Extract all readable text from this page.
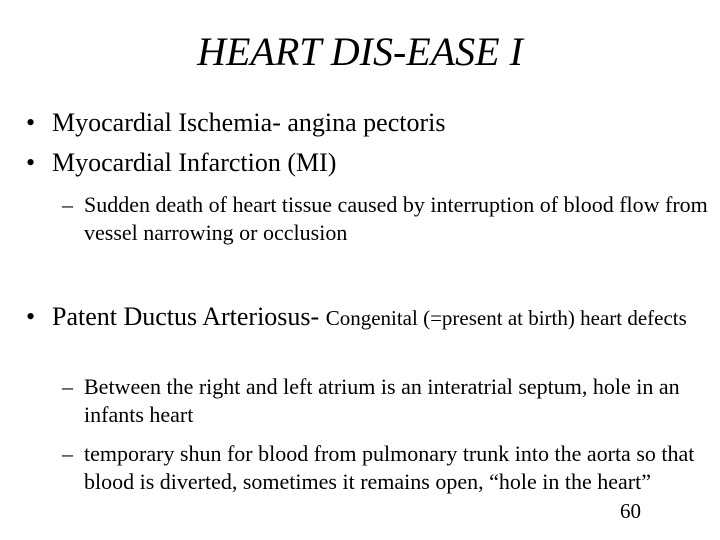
HEART DIS-EASE I
• Myocardial Ischemia- angina pectoris
• Myocardial Infarction (MI)
– Sudden death of heart tissue caused by interruption of blood flow from vessel narrowing or occlusion
• Patent Ductus Arteriosus- Congenital (=present at birth) heart defects
– Between the right and left atrium is an interatrial septum, hole in an infants heart
– temporary shun for blood from pulmonary trunk into the aorta so that blood is diverted, sometimes it remains open, “hole in the heart”
60
